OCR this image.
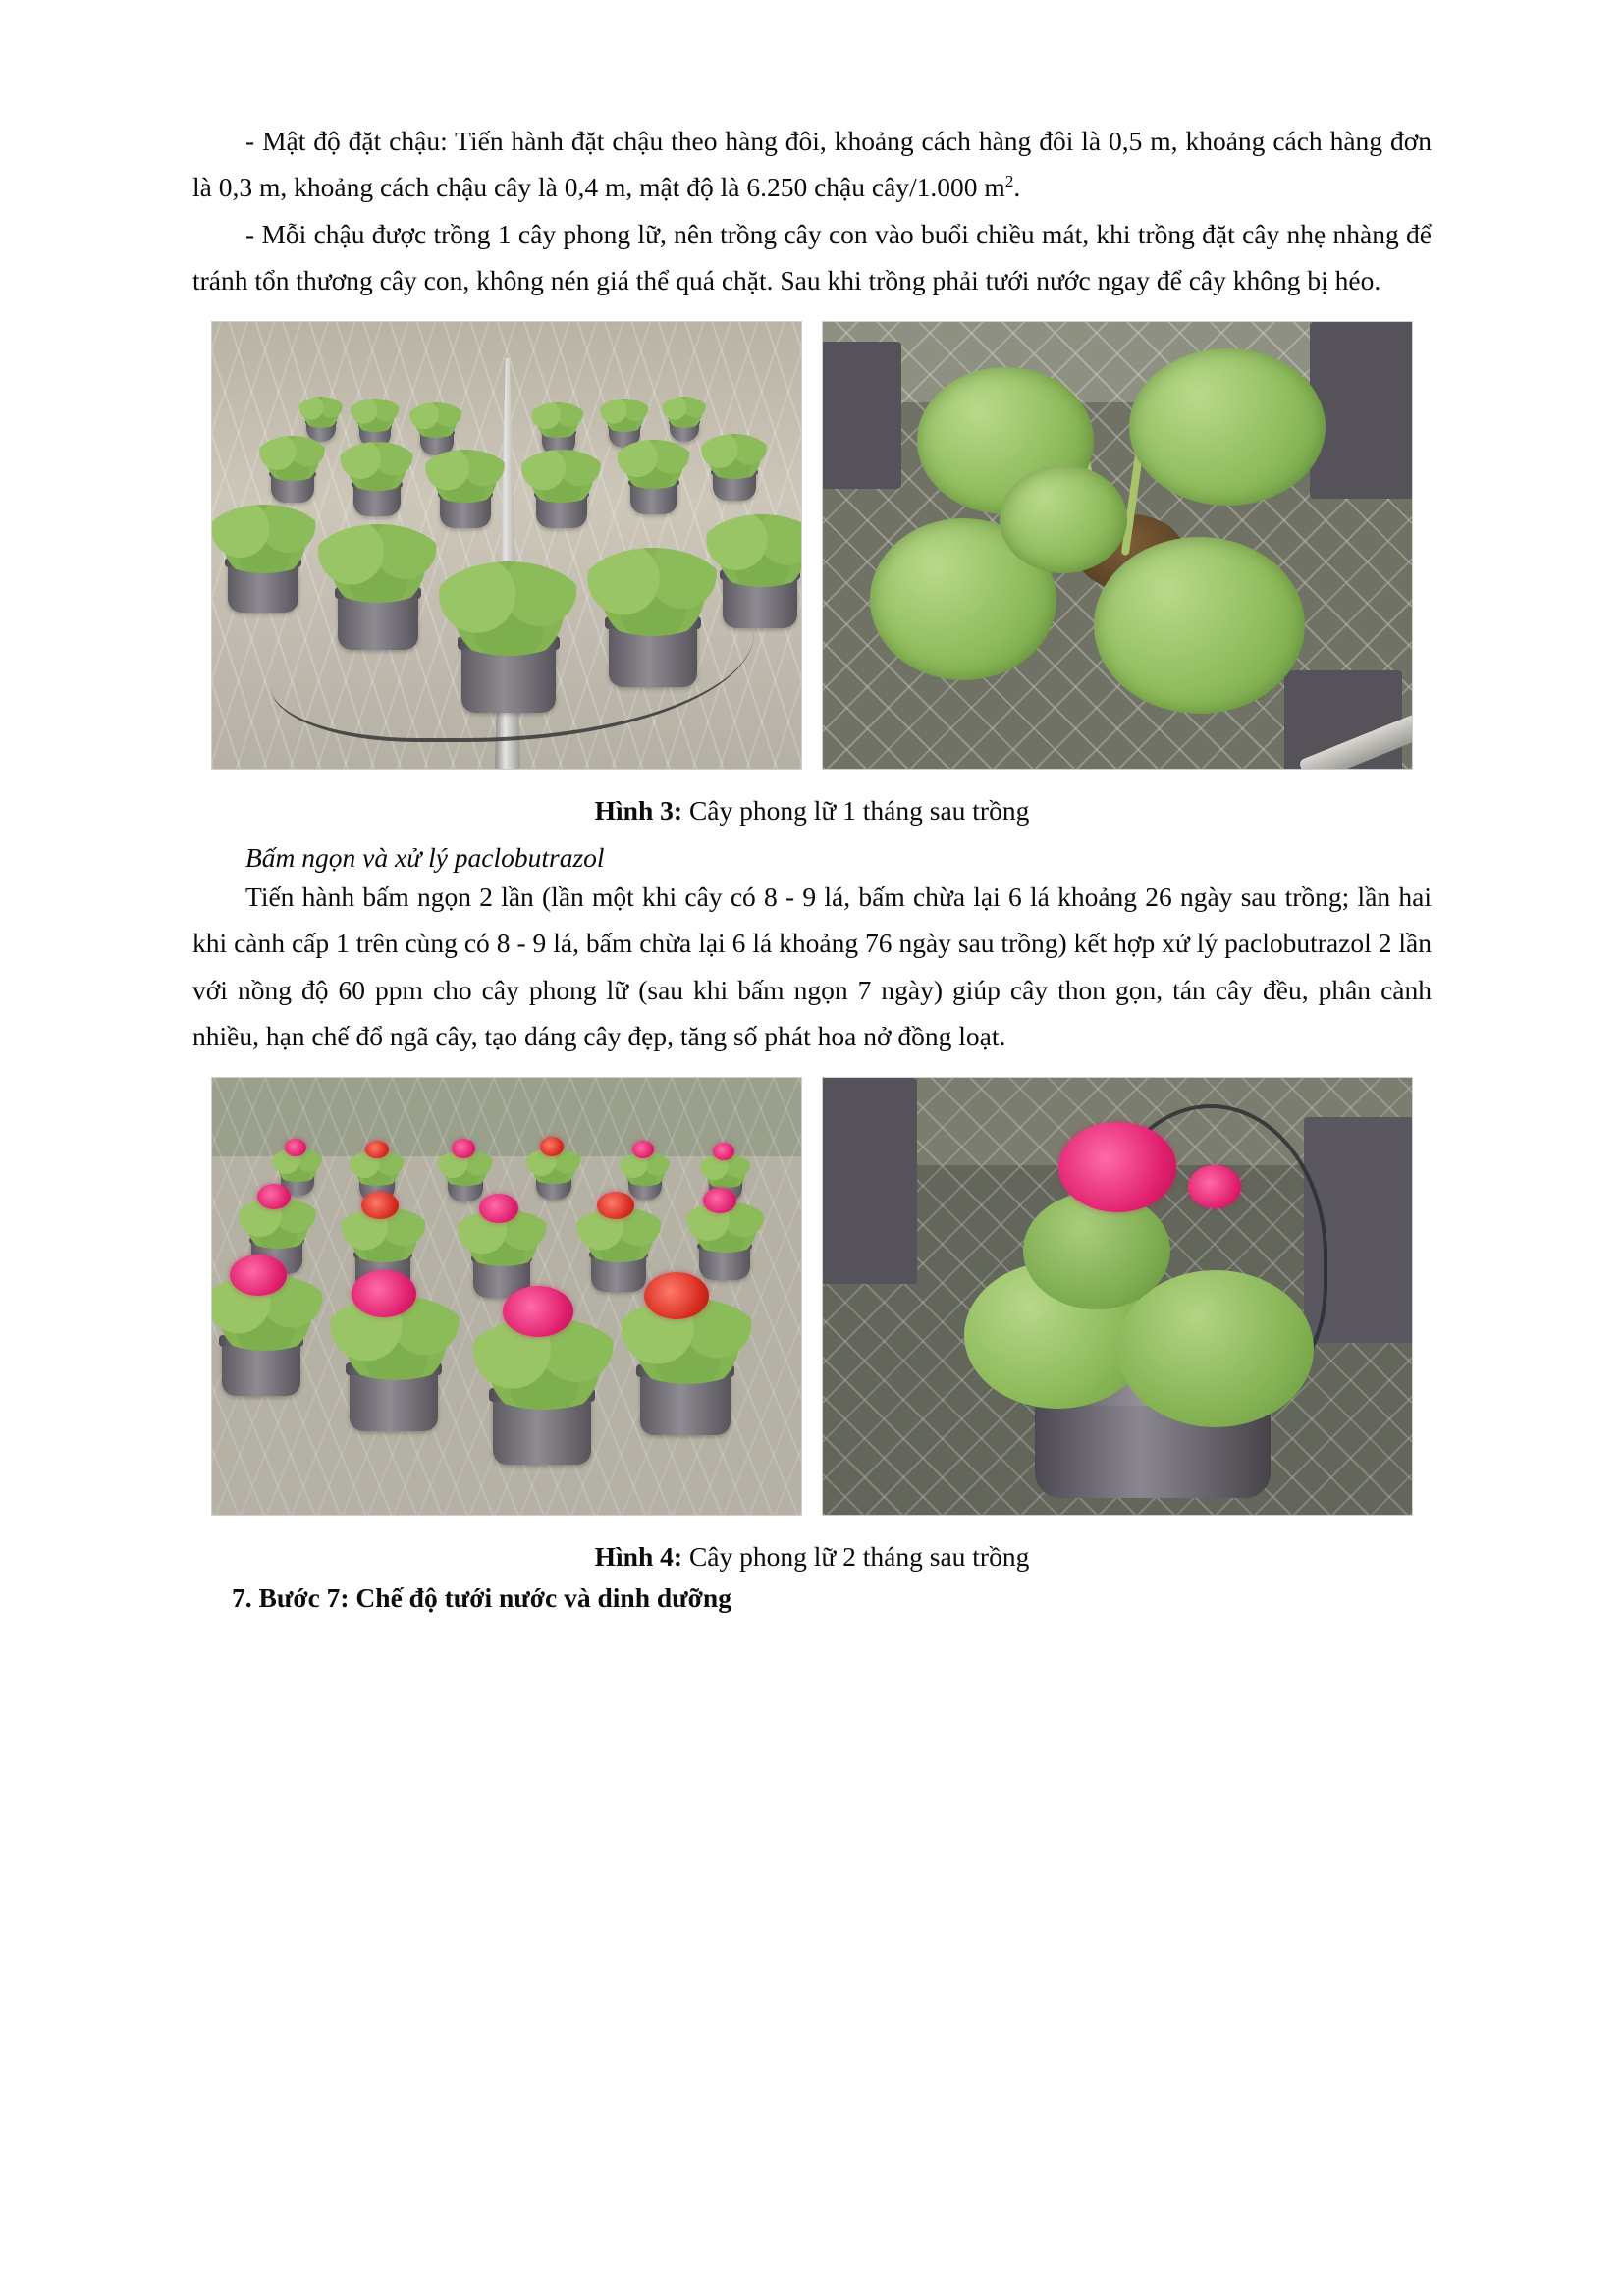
- Mật độ đặt chậu: Tiến hành đặt chậu theo hàng đôi, khoảng cách hàng đôi là 0,5 m, khoảng cách hàng đơn là 0,3 m, khoảng cách chậu cây là 0,4 m, mật độ là 6.250 chậu cây/1.000 $m^2$.

- Mỗi chậu được trồng 1 cây phong lữ, nên trồng cây con vào buổi chiều mát, khi trồng đặt cây nhẹ nhàng để tránh tổn thương cây con, không nén giá thể quá chặt. Sau khi trồng phải tưới nước ngay để cây không bị héo.

Hình 3: Cây phong lữ 1 tháng sau trồng
Bấm ngọn và xử lý paclobutrazol

Tiến hành bấm ngọn 2 lần (lần một khi cây có 8 - 9 lá, bấm chừa lại 6 lá khoảng 26 ngày sau trồng; lần hai khi cành cấp 1 trên cùng có 8 - 9 lá, bấm chừa lại 6 lá khoảng 76 ngày sau trồng) kết hợp xử lý paclobutrazol 2 lần với nồng độ 60 ppm cho cây phong lữ (sau khi bấm ngọn 7 ngày) giúp cây thon gọn, tán cây đều, phân cành nhiều, hạn chế đổ ngã cây, tạo dáng cây đẹp, tăng số phát hoa nở đồng loạt.

Hình 4: Cây phong lữ 2 tháng sau trồng
7. Bước 7: Chế độ tưới nước và dinh dưỡng
